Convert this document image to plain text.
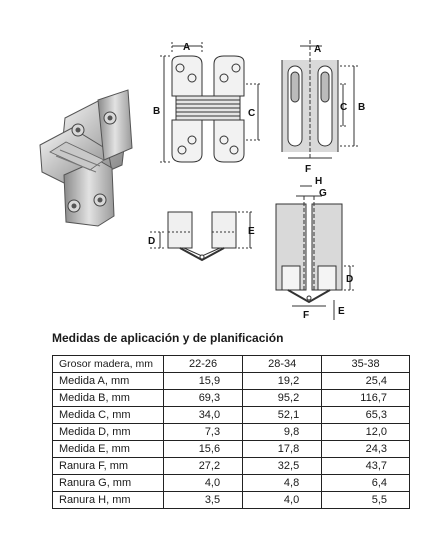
A
B	C
A
C B
F
D
E
H
G
D
F	E
Medidas de aplicación y de planificación
Grosor madera, mm	22-26	28-34	35-38
Medida A, mm	15,9	19,2	25,4
Medida B, mm	69,3	95,2	116,7
Medida C, mm	34,0	52,1	65,3
Medida D, mm	7,3	9,8	12,0
Medida E, mm	15,6	17,8	24,3
Ranura F, mm	27,2	32,5	43,7
Ranura G, mm	4,0	4,8	6,4
Ranura H, mm	3,5	4,0	5,5
